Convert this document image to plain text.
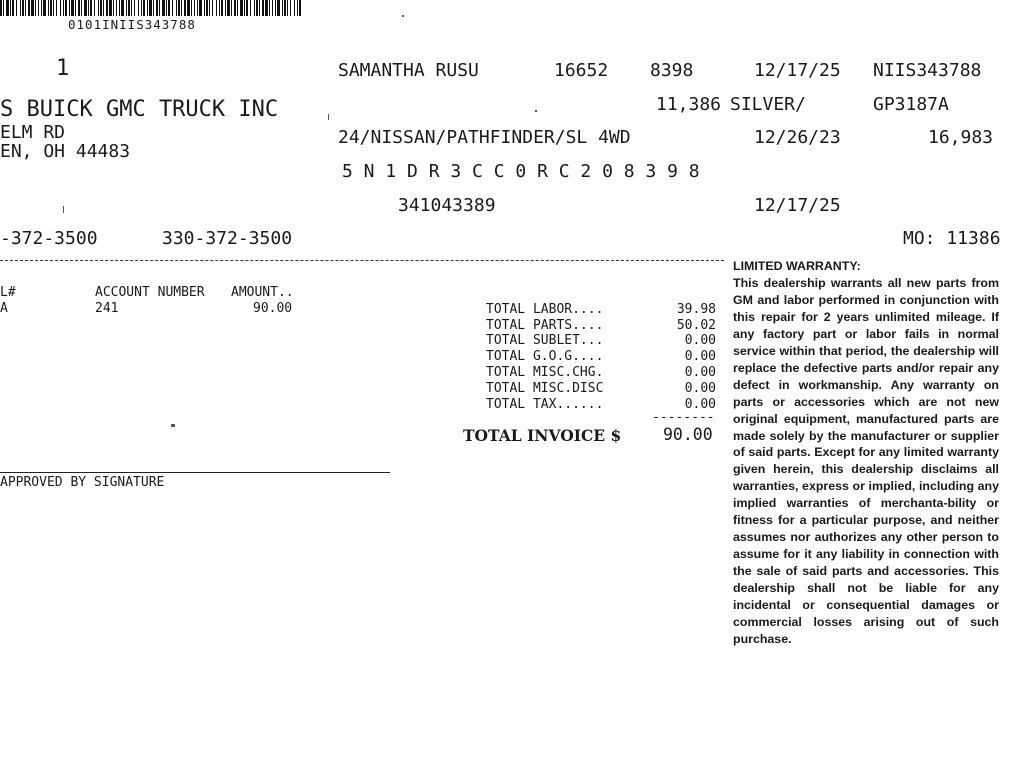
0101INIIS343788
1	SAMANTHA RUSU	16652 8398	12/17/25 NIIS343788
S BUICK GMC TRUCK INC
ELM RD
EN, OH 44483
11,386 SILVER/	GP3187A
24/NISSAN/PATHFINDER/SL 4WD	12/26/23	16,983
5 N 1 D R 3 C C 0 R C 2 0 8 3 9 8
341043389	12/17/25
-372-3500	330-372-3500	MO: 11386
L#	ACCOUNT NUMBER AMOUNT..
A	241	90.00
APPROVED BY SIGNATURE
TOTAL LABOR....	39.98
TOTAL PARTS....	50.02
TOTAL SUBLET...	0.00
TOTAL G.O.G....	0.00
TOTAL MISC.CHG.	0.00
TOTAL MISC.DISC	0.00
TOTAL TAX......	0.00
--------
TOTAL INVOICE $	90.00
LIMITED WARRANTY:
This dealership warrants all new parts from GM and labor performed in conjunction with this repair for 2 years unlimited mileage. If any factory part or labor fails in normal service within that period, the dealership will replace the defective parts and/or repair any defect in workmanship. Any warranty on parts or accessories which are not new original equipment, manufactured parts are made solely by the manufacturer or supplier of said parts. Except for any limited warranty given herein, this dealership disclaims all warranties, express or implied, including any implied warranties of merchanta-bility or fitness for a particular purpose, and neither assumes nor authorizes any other person to assume for it any liability in connection with the sale of said parts and accessories. This dealership shall not be liable for any incidental or consequential damages or commercial losses arising out of such purchase.
